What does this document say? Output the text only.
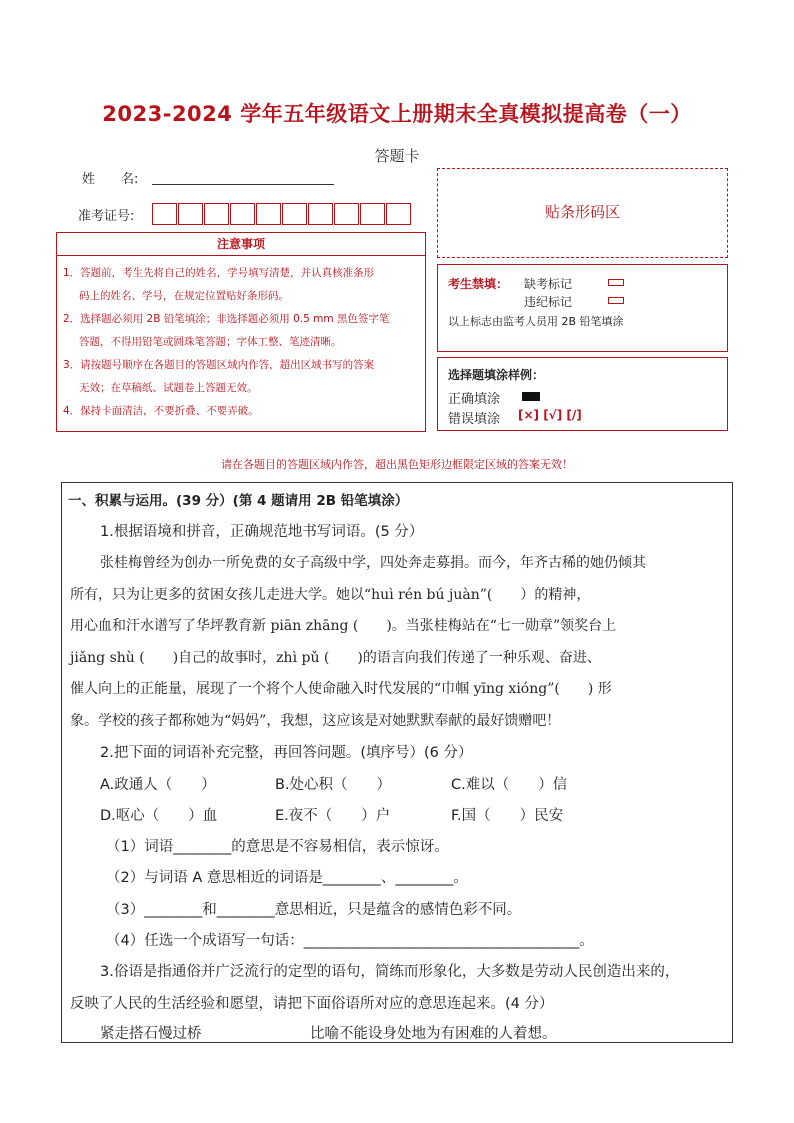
2023-2024 学年五年级语文上册期末全真模拟提高卷（一）
答题卡
姓　　名:
准考证号:	贴条形码区
注意事项
1．答题前，考生先将自己的姓名，学号填写清楚，并认真核准条形
码上的姓名、学号，在规定位置贴好条形码。
2．选择题必须用 2B 铅笔填涂；非选择题必须用 0.5 mm 黑色签字笔
答题，不得用铅笔或圆珠笔答题；字体工整、笔迹清晰。
3．请按题号顺序在各题目的答题区域内作答，超出区域书写的答案
无效；在草稿纸、试题卷上答题无效。
4．保持卡面清洁，不要折叠、不要弄破。
考生禁填： 缺考标记
违纪标记
以上标志由监考人员用 2B 铅笔填涂
选择题填涂样例：
正确填涂
错误填涂 [×] [√] [/]
请在各题目的答题区域内作答，超出黑色矩形边框限定区域的答案无效！
一、积累与运用。(39 分）(第 4 题请用 2B 铅笔填涂）
1.根据语境和拼音，正确规范地书写词语。(5 分）
张桂梅曾经为创办一所免费的女子高级中学，四处奔走募捐。而今，年齐古稀的她仍倾其
所有，只为让更多的贫困女孩儿走进大学。她以“huì rén bú juàn”(　　）的精神，
用心血和汗水谱写了华坪教育新 piān zhāng (　　)。当张桂梅站在“七一勋章”领奖台上
jiǎng shù (　　)自己的故事时，zhì pǔ (　　)的语言向我们传递了一种乐观、奋进、
催人向上的正能量，展现了一个将个人使命融入时代发展的“巾帼 yīng xióng”(　　) 形
象。学校的孩子都称她为“妈妈”，我想，这应该是对她默默奉献的最好馈赠吧！
2.把下面的词语补充完整，再回答问题。(填序号）(6 分）
A.政通人（　　）	B.处心积（　　）	C.难以（　　）信
D.呕心（　　）血	E.夜不（　　）户	F.国（　　）民安
（1）词语________的意思是不容易相信，表示惊讶。
（2）与词语 A 意思相近的词语是________、________。
（3）________和________意思相近，只是蕴含的感情色彩不同。
（4）任选一个成语写一句话：______________________________________。
3.俗语是指通俗并广泛流行的定型的语句，简练而形象化，大多数是劳动人民创造出来的，
反映了人民的生活经验和愿望，请把下面俗语所对应的意思连起来。(4 分）
紧走搭石慢过桥	比喻不能设身处地为有困难的人着想。
